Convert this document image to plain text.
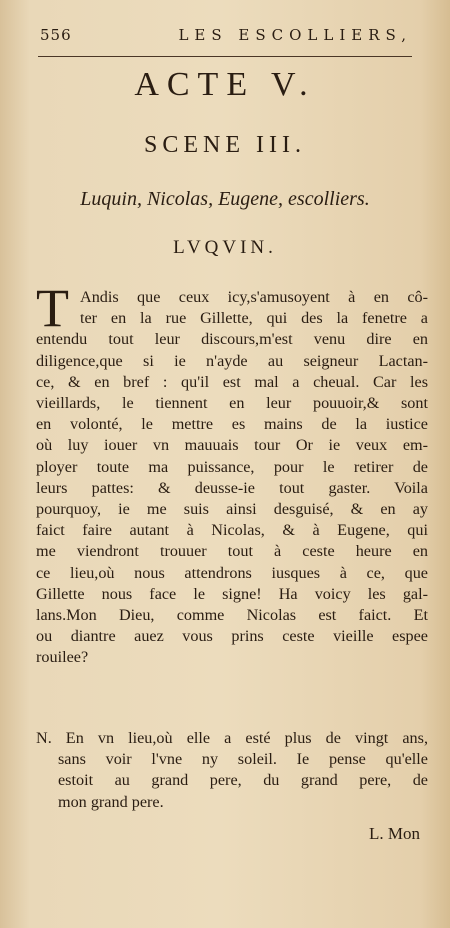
556	LES ESCOLLIERS,
ACTE V.
SCENE III.
Luquin, Nicolas, Eugene, escolliers.
LVQVIN.
T Andis que ceux icy,s'amusoyent à en cô-
ter en la rue Gillette, qui des la fenetre a
entendu tout leur discours,m'est venu dire en
diligence,que si ie n'ayde au seigneur Lactan-
ce, & en bref : qu'il est mal a cheual. Car les
vieillards, le tiennent en leur pouuoir,& sont
en volonté, le mettre es mains de la iustice
où luy iouer vn mauuais tour Or ie veux em-
ployer toute ma puissance, pour le retirer de
leurs pattes: & deusse-ie tout gaster. Voila
pourquoy, ie me suis ainsi desguisé, & en ay
faict faire autant à Nicolas, & à Eugene, qui
me viendront trouuer tout à ceste heure en
ce lieu,où nous attendrons iusques à ce, que
Gillette nous face le signe! Ha voicy les gal-
lans.Mon Dieu, comme Nicolas est faict. Et
ou diantre auez vous prins ceste vieille espee
rouilee?
N. En vn lieu,où elle a esté plus de vingt ans,
sans voir l'vne ny soleil. Ie pense qu'elle
estoit au grand pere, du grand pere, de
mon grand pere.
L. Mon
